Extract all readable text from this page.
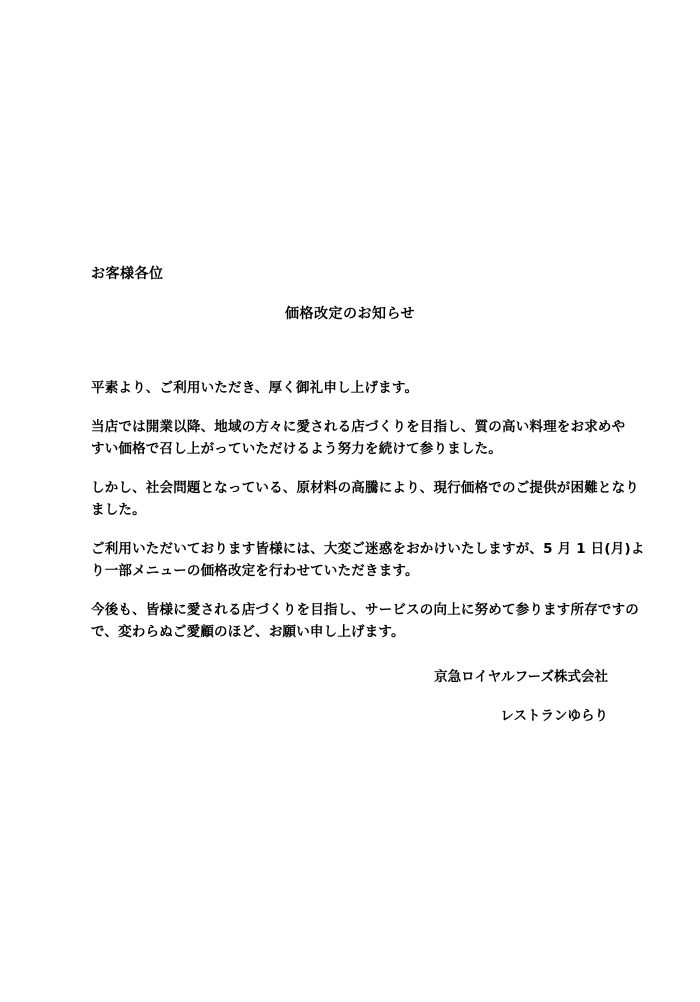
お客様各位
価格改定のお知らせ

平素より、ご利用いただき、厚く御礼申し上げます。

当店では開業以降、地域の方々に愛される店づくりを目指し、質の高い料理をお求めや
すい価格で召し上がっていただけるよう努力を続けて参りました。

しかし、社会問題となっている、原材料の高騰により、現行価格でのご提供が困難となり
ました。

ご利用いただいております皆様には、大変ご迷惑をおかけいたしますが、5 月 1 日(月)よ
り一部メニューの価格改定を行わせていただきます。

今後も、皆様に愛される店づくりを目指し、サービスの向上に努めて参ります所存ですの
で、変わらぬご愛顧のほど、お願い申し上げます。

京急ロイヤルフーズ株式会社
レストランゆらり
